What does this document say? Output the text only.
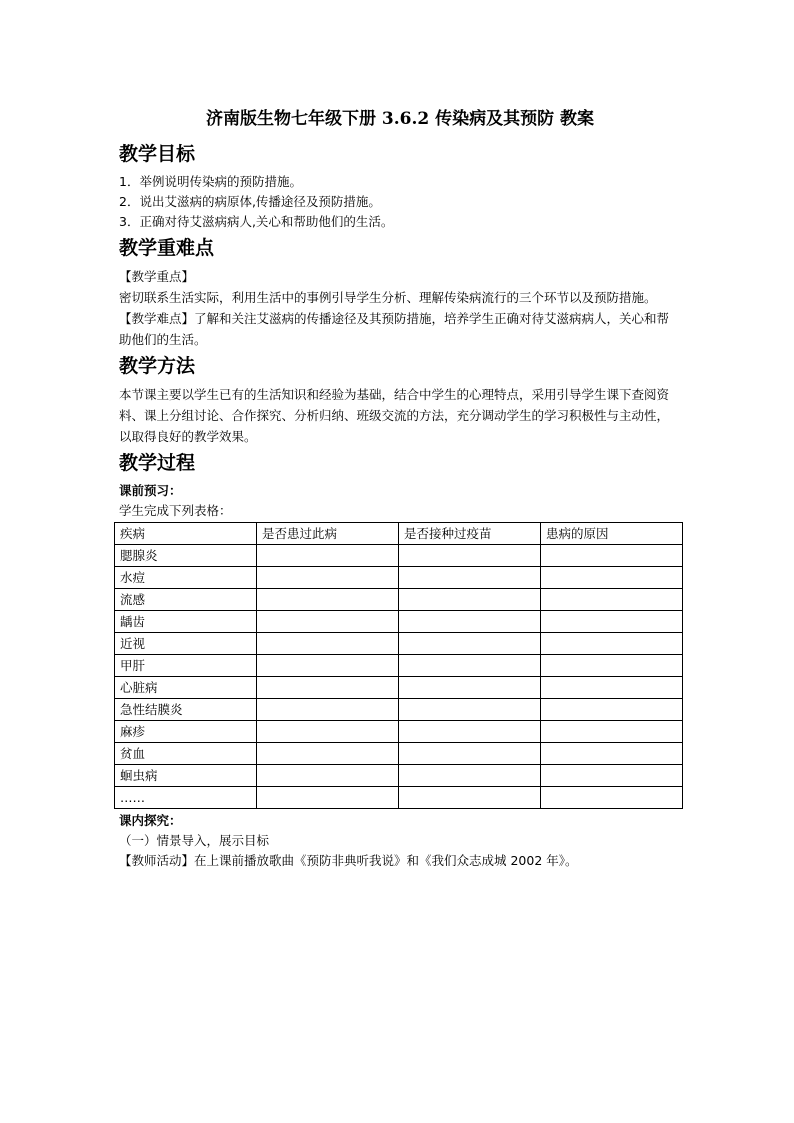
济南版生物七年级下册 3.6.2 传染病及其预防 教案
教学目标

1．举例说明传染病的预防措施。

2．说出艾滋病的病原体,传播途径及预防措施。

3．正确对待艾滋病病人,关心和帮助他们的生活。

教学重难点

【教学重点】

密切联系生活实际，利用生活中的事例引导学生分析、理解传染病流行的三个环节以及预防措施。

【教学难点】了解和关注艾滋病的传播途径及其预防措施，培养学生正确对待艾滋病病人，关心和帮助他们的生活。

教学方法

本节课主要以学生已有的生活知识和经验为基础，结合中学生的心理特点，采用引导学生课下查阅资料、课上分组讨论、合作探究、分析归纳、班级交流的方法，充分调动学生的学习积极性与主动性，以取得良好的教学效果。

教学过程

课前预习：

学生完成下列表格：

疾病	是否患过此病	是否接种过疫苗	患病的原因
腮腺炎			
水痘			
流感			
龋齿			
近视			
甲肝			
心脏病			
急性结膜炎			
麻疹			
贫血			
蛔虫病			
……			

课内探究：

（一）情景导入，展示目标

【教师活动】在上课前播放歌曲《预防非典听我说》和《我们众志成城 2002 年》。
